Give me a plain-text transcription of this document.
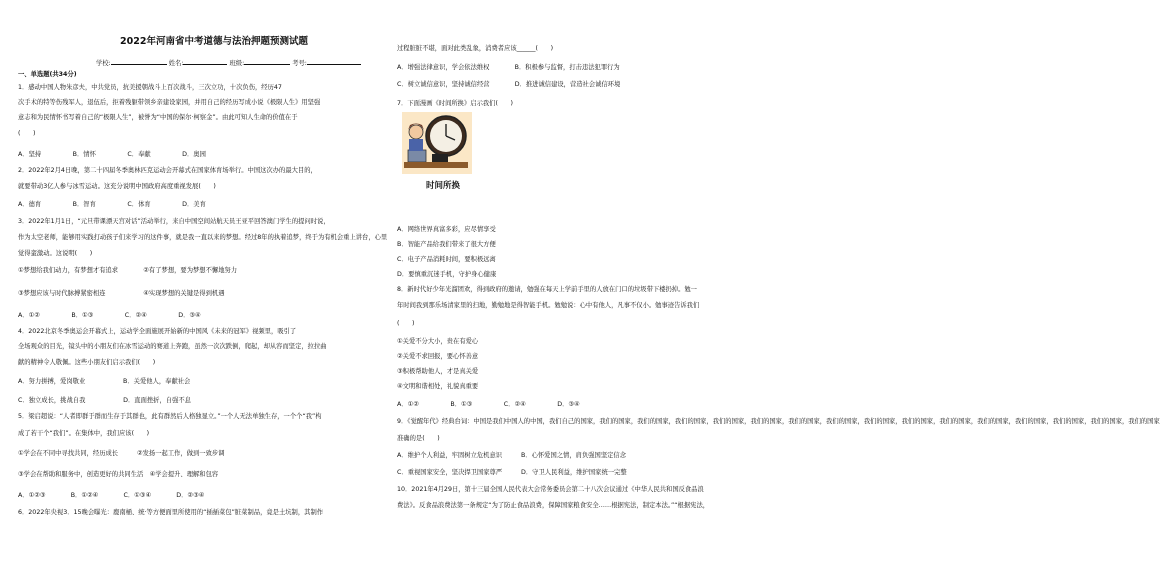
2022年河南省中考道德与法治押题预测试题
学校:	姓名:	班级:	考号:
一、单选题(共34分)
1．感动中国人物朱彦夫，中共党员，抗美援朝战斗上百次战斗，三次立功，十次负伤，经历47
次手术的特等伤残军人，退伍后，拒着残躯带领乡亲建设家园，并用自己的经历写成小说《极限人生》用坚强
意志和为民情怀书写着自己的“极限人生”，被誉为“中国的保尔·柯察金”。由此可知人生命的价值在于
(　　)
A．坚持　　　　　B．情怀　　　　　C．奉献　　　　　D．奥园
2．2022年2月4日晚，第二十四届冬季奥林匹克运动会开幕式在国家体育场举行。中国这次办的最大目的，
就要带动3亿人参与冰雪运动。这充分说明中国政府高度重视发展(　　)
A．德育　　　　　B．智育　　　　　C．体育　　　　　D．美育
3．2022年1月1日，“元旦带课漂天宫对话”活动举行，来自中国空间站航天员王亚平回答澳门学生的提问时说，
作为太空老师，能够用实践打动孩子们来学习的这件事，就是我一直以来的梦想。经过8年的执着追梦，终于为有机会重上讲台，心里
觉得蛮激动。这说明(　　)
①梦想给我们动力，有梦想才有追求　　　　②有了梦想，要为梦想不懈地努力
③梦想应该与时代脉搏紧密相连　　　　　　④实现梦想的关键是得到机遇
A．①②　　　　　B．①③　　　　　C．②④　　　　　D．③④
4．2022北京冬季奥运会开幕式上，运动学全面施展开始新的中国风《未来的冠军》视频里，吸引了
全场观众的目光，镜头中的小朋友们在冰雪运动的赛道上奔跑，虽然一次次跌倒，爬起，却从容而坚定，拉拉曲
献的精神令人敬佩。这些小朋友们启示我们(　　)
A．努力拼搏，爱岗敬业　　　　　　B．关爱他人，奉献社会
C．独立成长，挑战自我　　　　　　D．直面挫折，自强不息
5．梁启超说：“人者即群于群而生存于其群也，此有群然后人格独显立。”一个人无法单独生存，一个个“我”构
成了若干个“我们”。在集体中，我们应该(　　)
①学会在不同中寻找共同，经历成长　　　②发扬一起工作，做到一致步调
③学会在帮助和服务中，创造更好的共同生活　④学会提升、理解和包容
A．①②③　　　　B．①②④　　　　C．①③④　　　　D．②③④
6．2022年央视3．15晚会曝光：鹿南桶、统·等方便面里所使用的“插插菜包”脏菜制品，竟是土坑制，其制作
过程脏脏不堪，面对此类乱象，消费者应该______(　　)
A．增强法律意识，学会依法维权　　　　B．积极参与监督，打击违法犯罪行为
C．树立诚信意识，坚持诚信经营　　　　D．推进诚信建设，营造社会诚信环境
7．下面漫画《时间所换》启示我们(　　)
时间所换
A．网络世界真富多彩，应尽情享受
B．智能产品给我们带来了很大方便
C．电子产品消耗时间，要积极远离
D．要慎重沉迷手机，守护身心健康
8．新时代好少年光溜团欢，得到政府的邀请，勉强在每天上学前手里的人放在门口的垃圾带下楼扔掉。勉一
年时间我到那乐场清家里的扫地，勤勉地是得智能手机。勉勉说：心中有他人，凡事不仅小。勉事迹告诉我们
(　　)
①关爱不分大小，贵在有爱心
②关爱不求回报，要心怀善意
③积极帮助他人，才是真关爱
④文明和谐相处，礼貌真重要
A．①②　　　　　B．①③　　　　　C．②④　　　　　D．③④
9．《觉醒年代》经典台词：中国是我们中国人的中国，我们自己的国家，我们的国家，我们的国家，我们的国家，我们的国家，我们的国家，我们的国家，我们的国家，我们的国家，我们的国家，我们的国家，我们的国家，我们的国家，我们的国家，我们的国家，我们的国家
准确的是(　　)
A．维护个人利益，牢固树立危机意识　　　B．心怀爱国之情，肩负强国坚定信念
C．重视国家安全，坚决捍卫国家尊严　　　D．守卫人民利益，维护国家统一完整
10．2021年4月29日，第十三届全国人民代表大会常务委员会第二十八次会议通过《中华人民共和国反食品浪
费法》。反食品浪费法第一条规定“为了防止食品浪费，保障国家粮食安全……根据宪法，制定本法。”“根据宪法，
